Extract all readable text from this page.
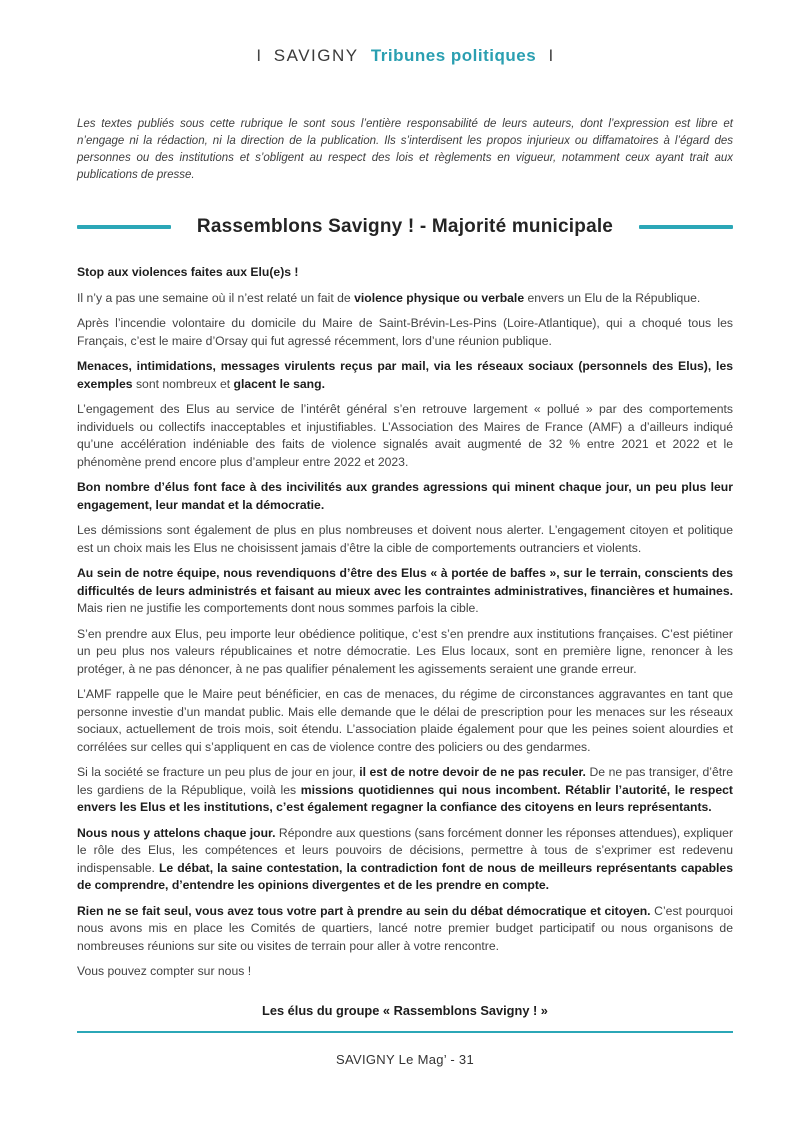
I SAVIGNY Tribunes politiques I

Les textes publiés sous cette rubrique le sont sous l’entière responsabilité de leurs auteurs, dont l’expression est libre et n’engage ni la rédaction, ni la direction de la publication. Ils s’interdisent les propos injurieux ou diffamatoires à l’égard des personnes ou des institutions et s’obligent au respect des lois et règlements en vigueur, notamment ceux ayant trait aux publications de presse.

Rassemblons Savigny ! - Majorité municipale

Stop aux violences faites aux Elu(e)s !

Il n’y a pas une semaine où il n’est relaté un fait de violence physique ou verbale envers un Elu de la République.

Après l’incendie volontaire du domicile du Maire de Saint-Brévin-Les-Pins (Loire-Atlantique), qui a choqué tous les Français, c’est le maire d’Orsay qui fut agressé récemment, lors d’une réunion publique.

Menaces, intimidations, messages virulents reçus par mail, via les réseaux sociaux (personnels des Elus), les exemples sont nombreux et glacent le sang.

L’engagement des Elus au service de l’intérêt général s’en retrouve largement « pollué » par des comportements individuels ou collectifs inacceptables et injustifiables. L’Association des Maires de France (AMF) a d’ailleurs indiqué qu’une accélération indéniable des faits de violence signalés avait augmenté de 32 % entre 2021 et 2022 et le phénomène prend encore plus d’ampleur entre 2022 et 2023.

Bon nombre d’élus font face à des incivilités aux grandes agressions qui minent chaque jour, un peu plus leur engagement, leur mandat et la démocratie.

Les démissions sont également de plus en plus nombreuses et doivent nous alerter. L’engagement citoyen et politique est un choix mais les Elus ne choisissent jamais d’être la cible de comportements outranciers et violents.

Au sein de notre équipe, nous revendiquons d’être des Elus « à portée de baffes », sur le terrain, conscients des difficultés de leurs administrés et faisant au mieux avec les contraintes administratives, financières et humaines. Mais rien ne justifie les comportements dont nous sommes parfois la cible.

S’en prendre aux Elus, peu importe leur obédience politique, c’est s’en prendre aux institutions françaises. C’est piétiner un peu plus nos valeurs républicaines et notre démocratie. Les Elus locaux, sont en première ligne, renoncer à les protéger, à ne pas dénoncer, à ne pas qualifier pénalement les agissements seraient une grande erreur.

L’AMF rappelle que le Maire peut bénéficier, en cas de menaces, du régime de circonstances aggravantes en tant que personne investie d’un mandat public. Mais elle demande que le délai de prescription pour les menaces sur les réseaux sociaux, actuellement de trois mois, soit étendu. L’association plaide également pour que les peines soient alourdies et corrélées sur celles qui s’appliquent en cas de violence contre des policiers ou des gendarmes.

Si la société se fracture un peu plus de jour en jour, il est de notre devoir de ne pas reculer. De ne pas transiger, d’être les gardiens de la République, voilà les missions quotidiennes qui nous incombent. Rétablir l’autorité, le respect envers les Elus et les institutions, c’est également regagner la confiance des citoyens en leurs représentants.

Nous nous y attelons chaque jour. Répondre aux questions (sans forcément donner les réponses attendues), expliquer le rôle des Elus, les compétences et leurs pouvoirs de décisions, permettre à tous de s’exprimer est redevenu indispensable. Le débat, la saine contestation, la contradiction font de nous de meilleurs représentants capables de comprendre, d’entendre les opinions divergentes et de les prendre en compte.

Rien ne se fait seul, vous avez tous votre part à prendre au sein du débat démocratique et citoyen. C’est pourquoi nous avons mis en place les Comités de quartiers, lancé notre premier budget participatif ou nous organisons de nombreuses réunions sur site ou visites de terrain pour aller à votre rencontre.

Vous pouvez compter sur nous !

Les élus du groupe « Rassemblons Savigny ! »
SAVIGNY Le Mag’ - 31
